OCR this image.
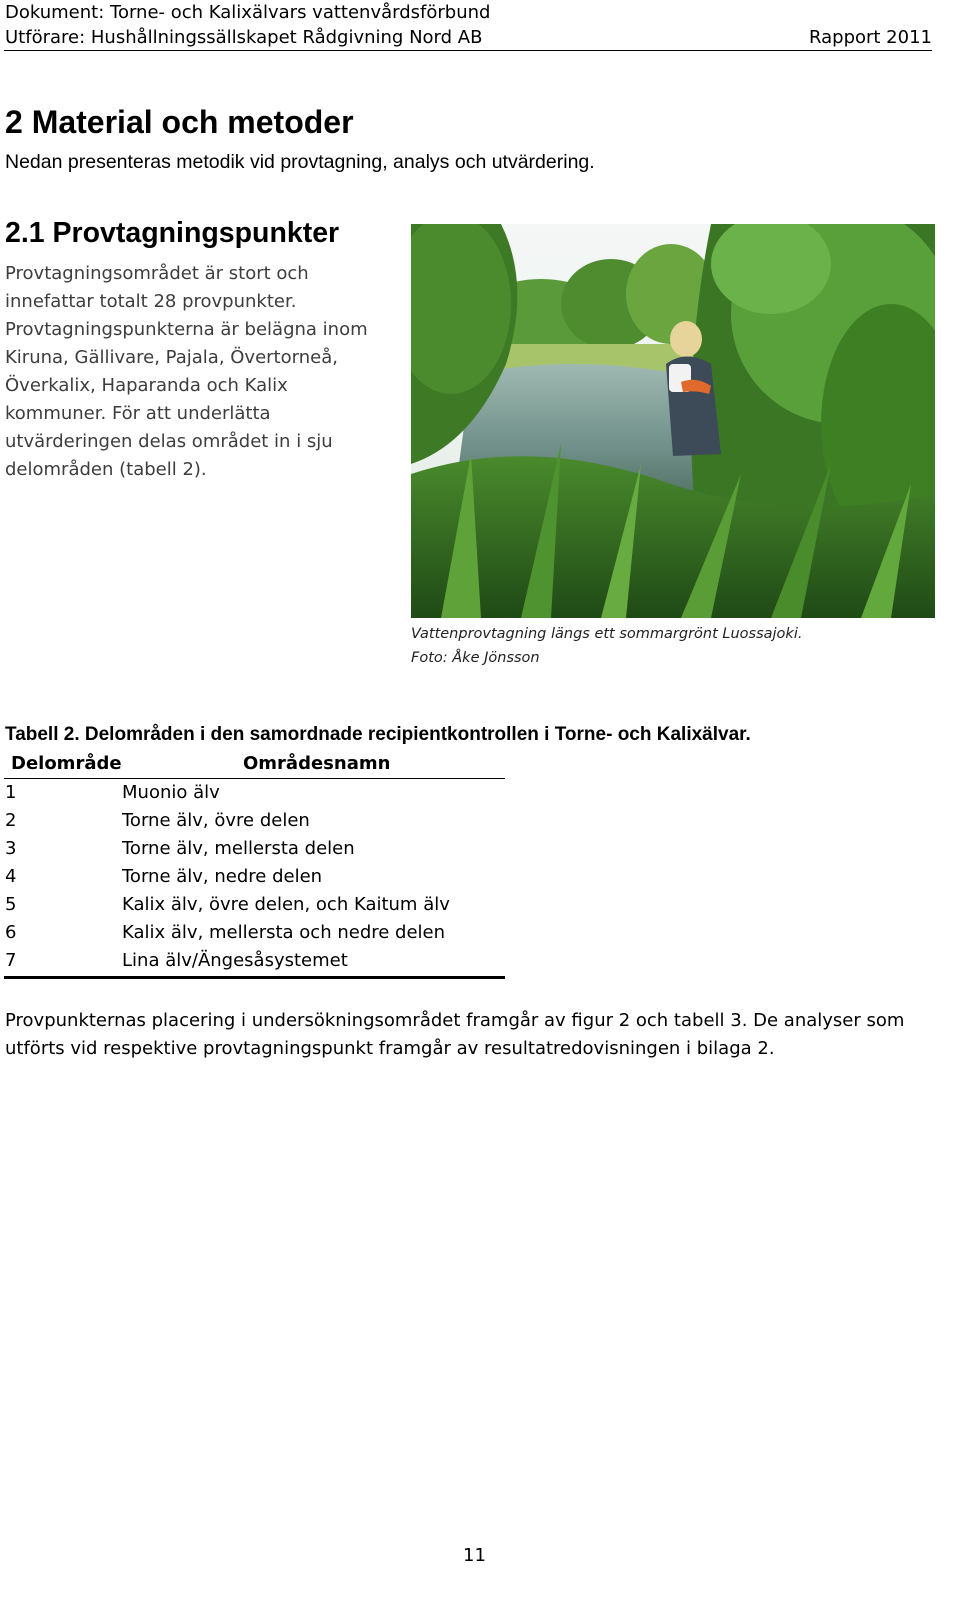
Dokument: Torne- och Kalixälvars vattenvårdsförbund
Utförare: Hushållningssällskapet Rådgivning Nord AB	Rapport 2011
2 Material och metoder
Nedan presenteras metodik vid provtagning, analys och utvärdering.
2.1 Provtagningspunkter
Provtagningsområdet är stort och
innefattar totalt 28 provpunkter.
Provtagningspunkterna är belägna inom
Kiruna, Gällivare, Pajala, Övertorneå,
Överkalix, Haparanda och Kalix
kommuner. För att underlätta
utvärderingen delas området in i sju
delområden (tabell 2).
Vattenprovtagning längs ett sommargrönt Luossajoki.
Foto: Åke Jönsson
Tabell 2. Delområden i den samordnade recipientkontrollen i Torne- och Kalixälvar.
Delområde	Områdesnamn
1	Muonio älv
2	Torne älv, övre delen
3	Torne älv, mellersta delen
4	Torne älv, nedre delen
5	Kalix älv, övre delen, och Kaitum älv
6	Kalix älv, mellersta och nedre delen
7	Lina älv/Ängesåsystemet
Provpunkternas placering i undersökningsområdet framgår av figur 2 och tabell 3. De analyser som
utförts vid respektive provtagningspunkt framgår av resultatredovisningen i bilaga 2.
11
